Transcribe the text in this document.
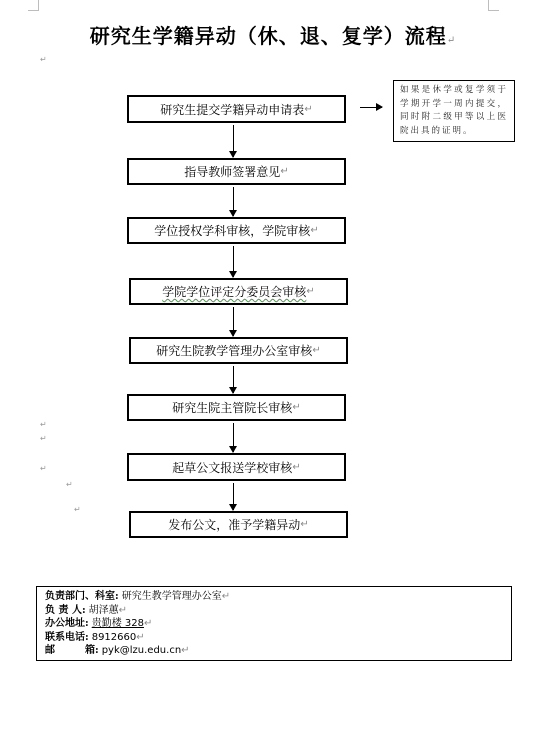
研究生学籍异动（休、退、复学）流程↵
↵
↵
↵
↵
↵
↵
研究生提交学籍异动申请表 ↵
如果是休学或复学须于学期开学一周内提交，同时附二级甲等以上医院出具的证明。
指导教师签署意见 ↵
学位授权学科审核，学院审核 ↵
学院学位评定分委员会审核 ↵
研究生院教学管理办公室审核 ↵
研究生院主管院长审核 ↵
起草公文报送学校审核 ↵
发布公文，准予学籍异动 ↵
负责部门、科室: 研究生教学管理办公室↵
负 责 人: 胡泽蕙↵
办公地址: 贵勤楼 328↵
联系电话: 8912660↵
邮	箱: pyk@lzu.edu.cn↵
